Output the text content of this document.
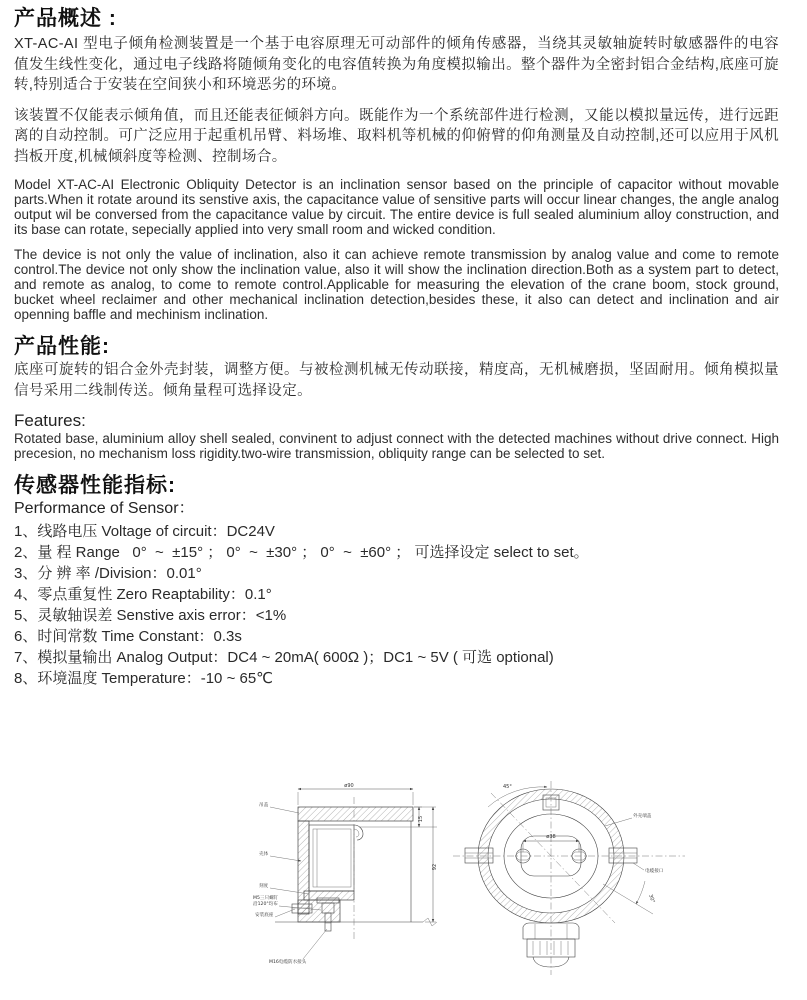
产品概述 :

XT-AC-AI 型电子倾角检测装置是一个基于电容原理无可动部件的倾角传感器，当绕其灵敏轴旋转时敏感器件的电容值发生线性变化，通过电子线路将随倾角变化的电容值转换为角度模拟输出。整个器件为全密封铝合金结构,底座可旋转,特别适合于安装在空间狭小和环境恶劣的环境。

该装置不仅能表示倾角值，而且还能表征倾斜方向。既能作为一个系统部件进行检测，又能以模拟量远传，进行远距离的自动控制。可广泛应用于起重机吊臂、料场堆、取料机等机械的仰俯臂的仰角测量及自动控制,还可以应用于风机挡板开度,机械倾斜度等检测、控制场合。

Model XT-AC-AI Electronic Obliquity Detector is an inclination sensor based on the principle of capacitor without movable parts.When it rotate around its senstive axis, the capacitance value of sensitive parts will occur linear changes, the angle analog output wil be conversed from the capacitance value by circuit. The entire device is full sealed aluminium alloy construction, and its base can rotate, sepecially applied into very small room and wicked condition.

The device is not only the value of inclination, also it can achieve remote transmission by analog value and come to remote control.The device not only show the inclination value, also it will show the inclination direction.Both as a system part to detect, and remote as analog, to come to remote control.Applicable for measuring the elevation of the crane boom, stock ground, bucket wheel reclaimer and other mechanical inclination detection,besides these, it also can detect and inclination and air openning baffle and mechinism inclination.

产品性能:

底座可旋转的铝合金外壳封装，调整方便。与被检测机械无传动联接，精度高，无机械磨损，坚固耐用。倾角模拟量信号采用二线制传送。倾角量程可选择设定。

Features:

Rotated base, aluminium alloy shell sealed, convinent to adjust connect with the detected machines without drive connect. High precesion, no mechanism loss rigidity.two-wire transmission, obliquity range can be selected to set.

传感器性能指标:

Performance of Sensor：

1、线路电压 Voltage of circuit：DC24V
2、量 程 Range   0°  ~  ±15° ； 0°  ~  ±30° ； 0°  ~  ±60° ； 可选择设定 select to set。
3、分 辨 率 /Division：0.01°
4、零点重复性 Zero Reaptability：0.1°
5、灵敏轴误差 Senstive axis error：<1%
6、时间常数 Time Constant：0.3s
7、模拟量输出 Analog Output：DC4 ~ 20mA( 600Ω )；DC1 ~ 5V ( 可选 optional)
8、环境温度 Temperature：-10 ~ 65℃
ø90
15
92
吊盖
壳体
刻度
M5三只螺钉
沿120°均布
安装底座
M16电缆防水接头
ø38
45°
30°
外壳端盖
电缆接口
